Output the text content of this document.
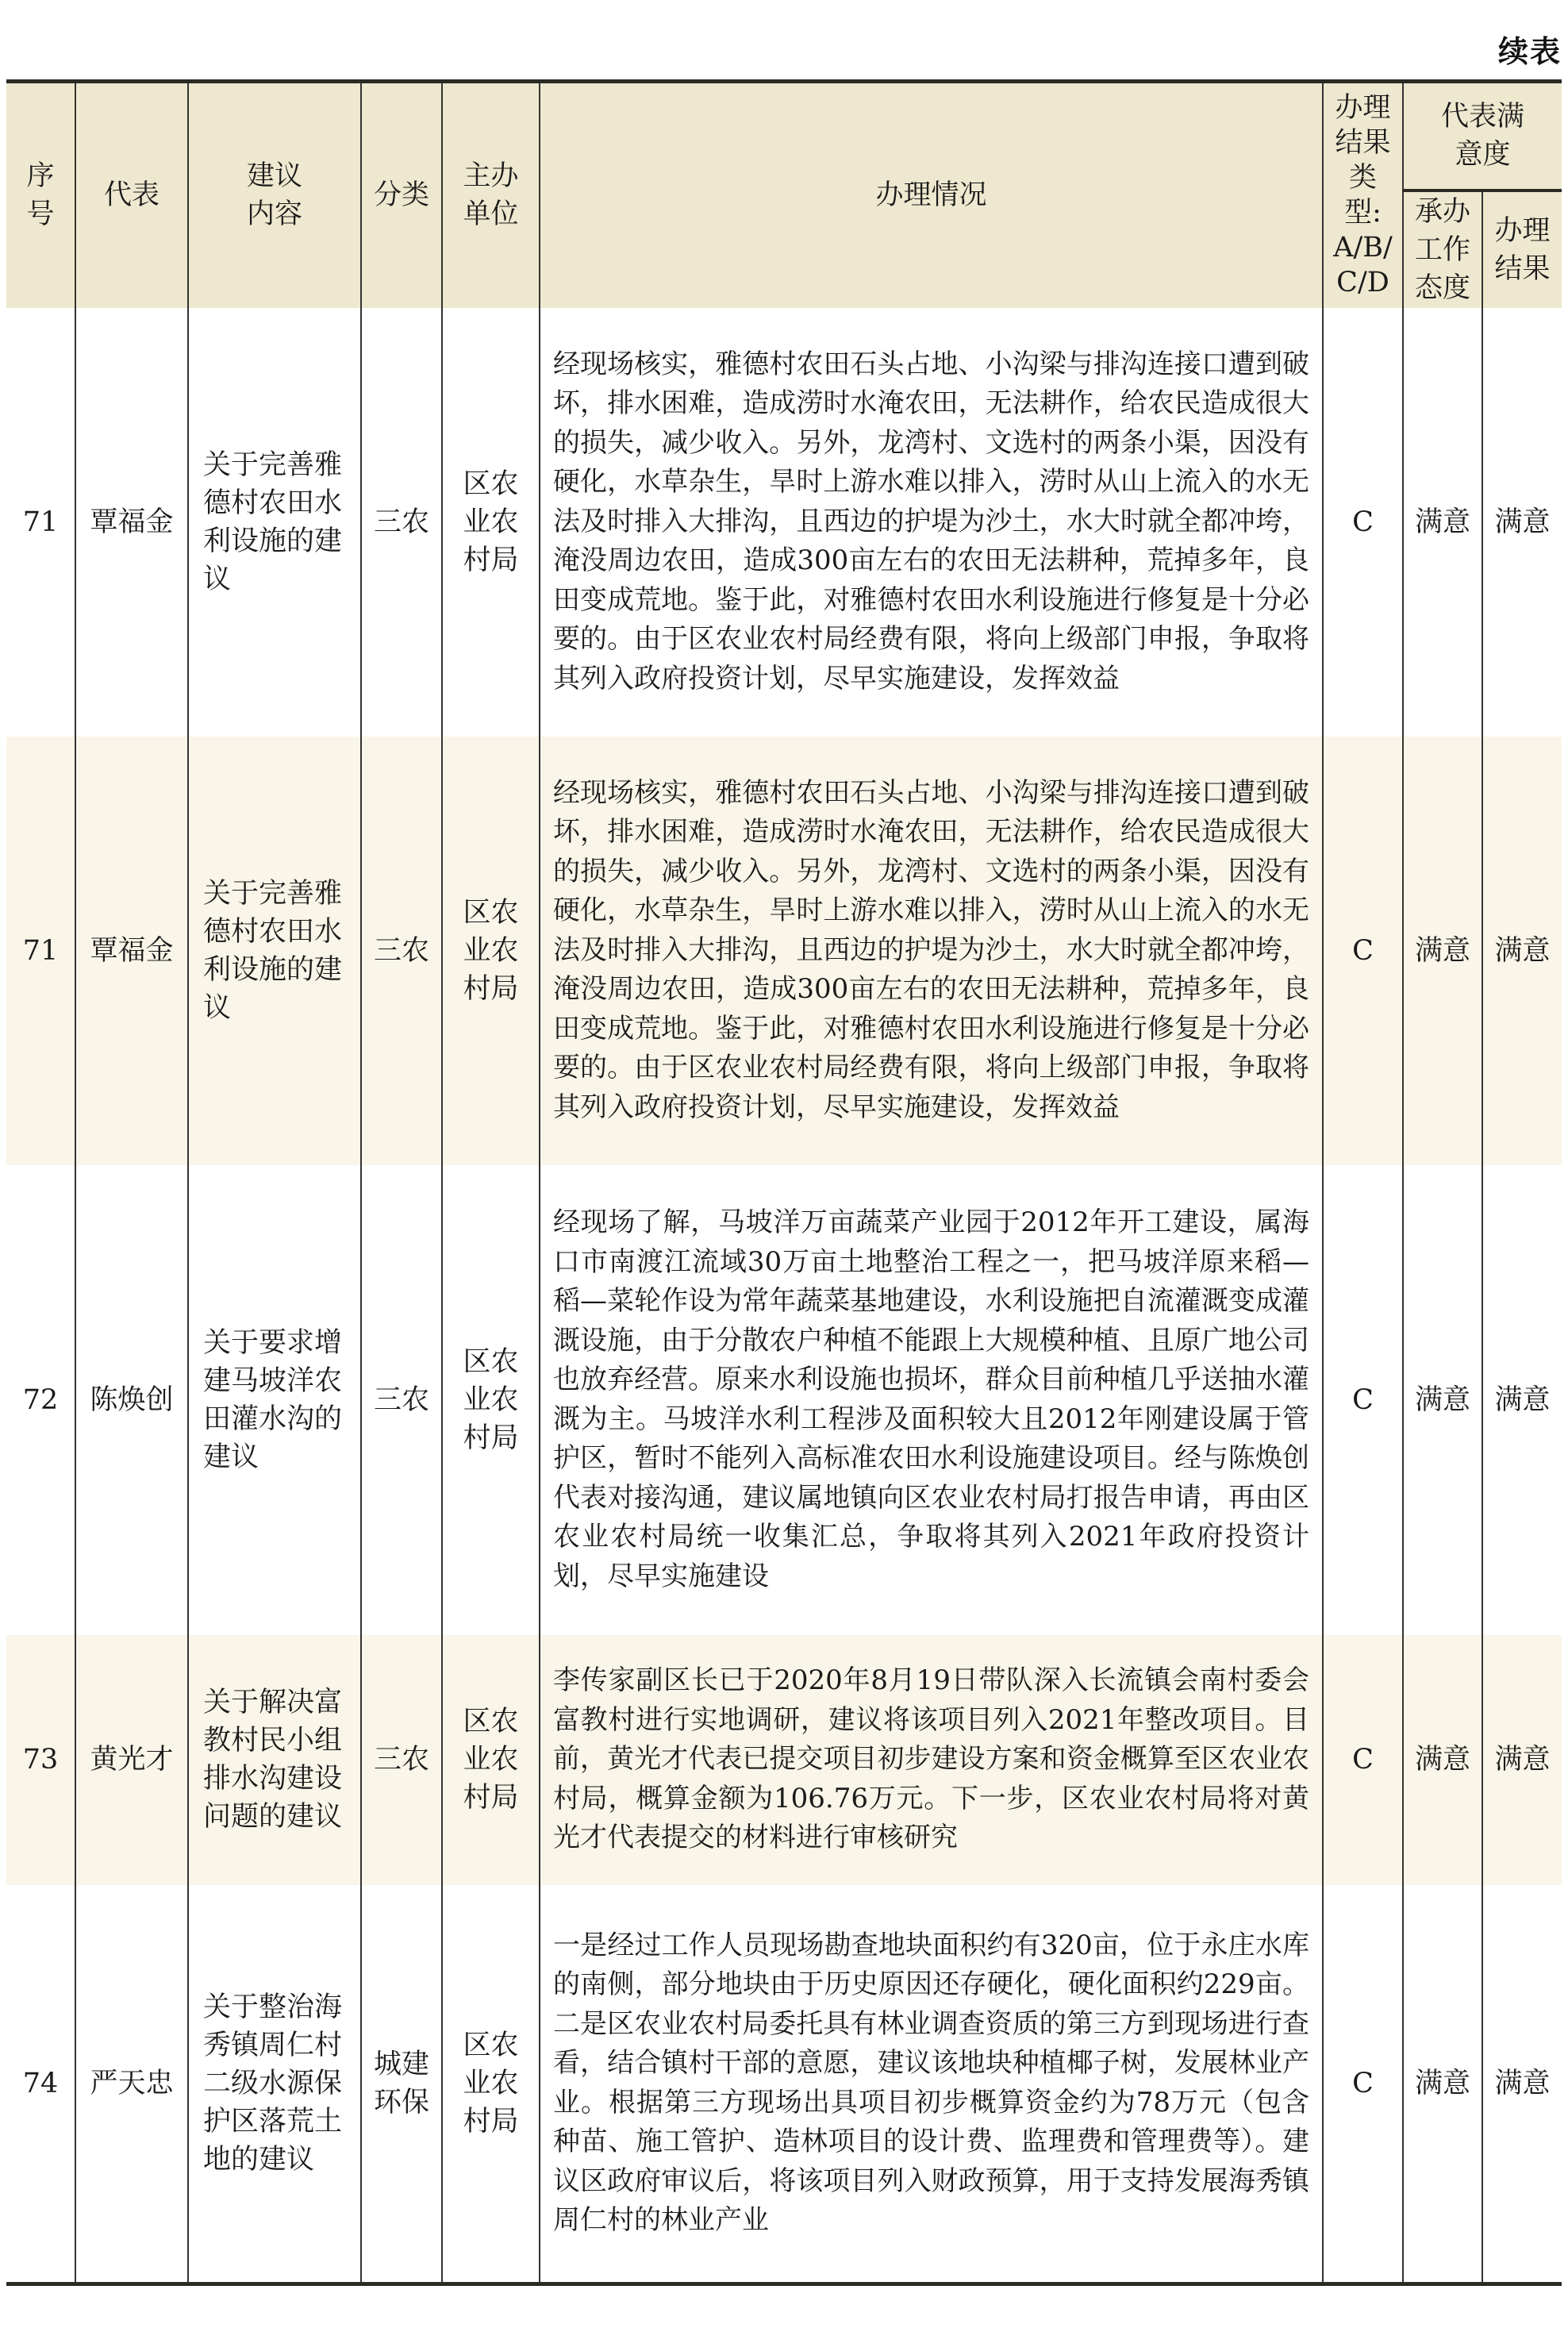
续表
序号	代表	建议内容	分类	主办单位	办理情况	办理结果类型:A/B/C/D	代表满意度	
							承办工作态度	办理结果
71	覃福金	关于完善雅德村农田水利设施的建议	三农	区农业农村局	经现场核实，雅德村农田石头占地、小沟梁与排沟连接口遭到破坏，排水困难，造成涝时水淹农田，无法耕作，给农民造成很大的损失，减少收入。另外，龙湾村、文选村的两条小渠，因没有硬化，水草杂生，旱时上游水难以排入，涝时从山上流入的水无法及时排入大排沟，且西边的护堤为沙土，水大时就全都冲垮，淹没周边农田，造成300亩左右的农田无法耕种，荒掉多年，良田变成荒地。鉴于此，对雅德村农田水利设施进行修复是十分必要的。由于区农业农村局经费有限，将向上级部门申报，争取将其列入政府投资计划，尽早实施建设，发挥效益	C	满意	满意
71	覃福金	关于完善雅德村农田水利设施的建议	三农	区农业农村局	经现场核实，雅德村农田石头占地、小沟梁与排沟连接口遭到破坏，排水困难，造成涝时水淹农田，无法耕作，给农民造成很大的损失，减少收入。另外，龙湾村、文选村的两条小渠，因没有硬化，水草杂生，旱时上游水难以排入，涝时从山上流入的水无法及时排入大排沟，且西边的护堤为沙土，水大时就全都冲垮，淹没周边农田，造成300亩左右的农田无法耕种，荒掉多年，良田变成荒地。鉴于此，对雅德村农田水利设施进行修复是十分必要的。由于区农业农村局经费有限，将向上级部门申报，争取将其列入政府投资计划，尽早实施建设，发挥效益	C	满意	满意
72	陈焕创	关于要求增建马坡洋农田灌水沟的建议	三农	区农业农村局	经现场了解，马坡洋万亩蔬菜产业园于2012年开工建设，属海口市南渡江流域30万亩土地整治工程之一，把马坡洋原来稻—稻—菜轮作设为常年蔬菜基地建设，水利设施把自流灌溉变成灌溉设施，由于分散农户种植不能跟上大规模种植、且原广地公司也放弃经营。原来水利设施也损坏，群众目前种植几乎送抽水灌溉为主。马坡洋水利工程涉及面积较大且2012年刚建设属于管护区，暂时不能列入高标准农田水利设施建设项目。经与陈焕创代表对接沟通，建议属地镇向区农业农村局打报告申请，再由区农业农村局统一收集汇总，争取将其列入2021年政府投资计划，尽早实施建设	C	满意	满意
73	黄光才	关于解决富教村民小组排水沟建设问题的建议	三农	区农业农村局	李传家副区长已于2020年8月19日带队深入长流镇会南村委会富教村进行实地调研，建议将该项目列入2021年整改项目。目前，黄光才代表已提交项目初步建设方案和资金概算至区农业农村局，概算金额为106.76万元。下一步，区农业农村局将对黄光才代表提交的材料进行审核研究	C	满意	满意
74	严天忠	关于整治海秀镇周仁村二级水源保护区落荒土地的建议	城建环保	区农业农村局	一是经过工作人员现场勘查地块面积约有320亩，位于永庄水库的南侧，部分地块由于历史原因还存硬化，硬化面积约229亩。二是区农业农村局委托具有林业调查资质的第三方到现场进行查看，结合镇村干部的意愿，建议该地块种植椰子树，发展林业产业。根据第三方现场出具项目初步概算资金约为78万元（包含种苗、施工管护、造林项目的设计费、监理费和管理费等）。建议区政府审议后，将该项目列入财政预算，用于支持发展海秀镇周仁村的林业产业	C	满意	满意
